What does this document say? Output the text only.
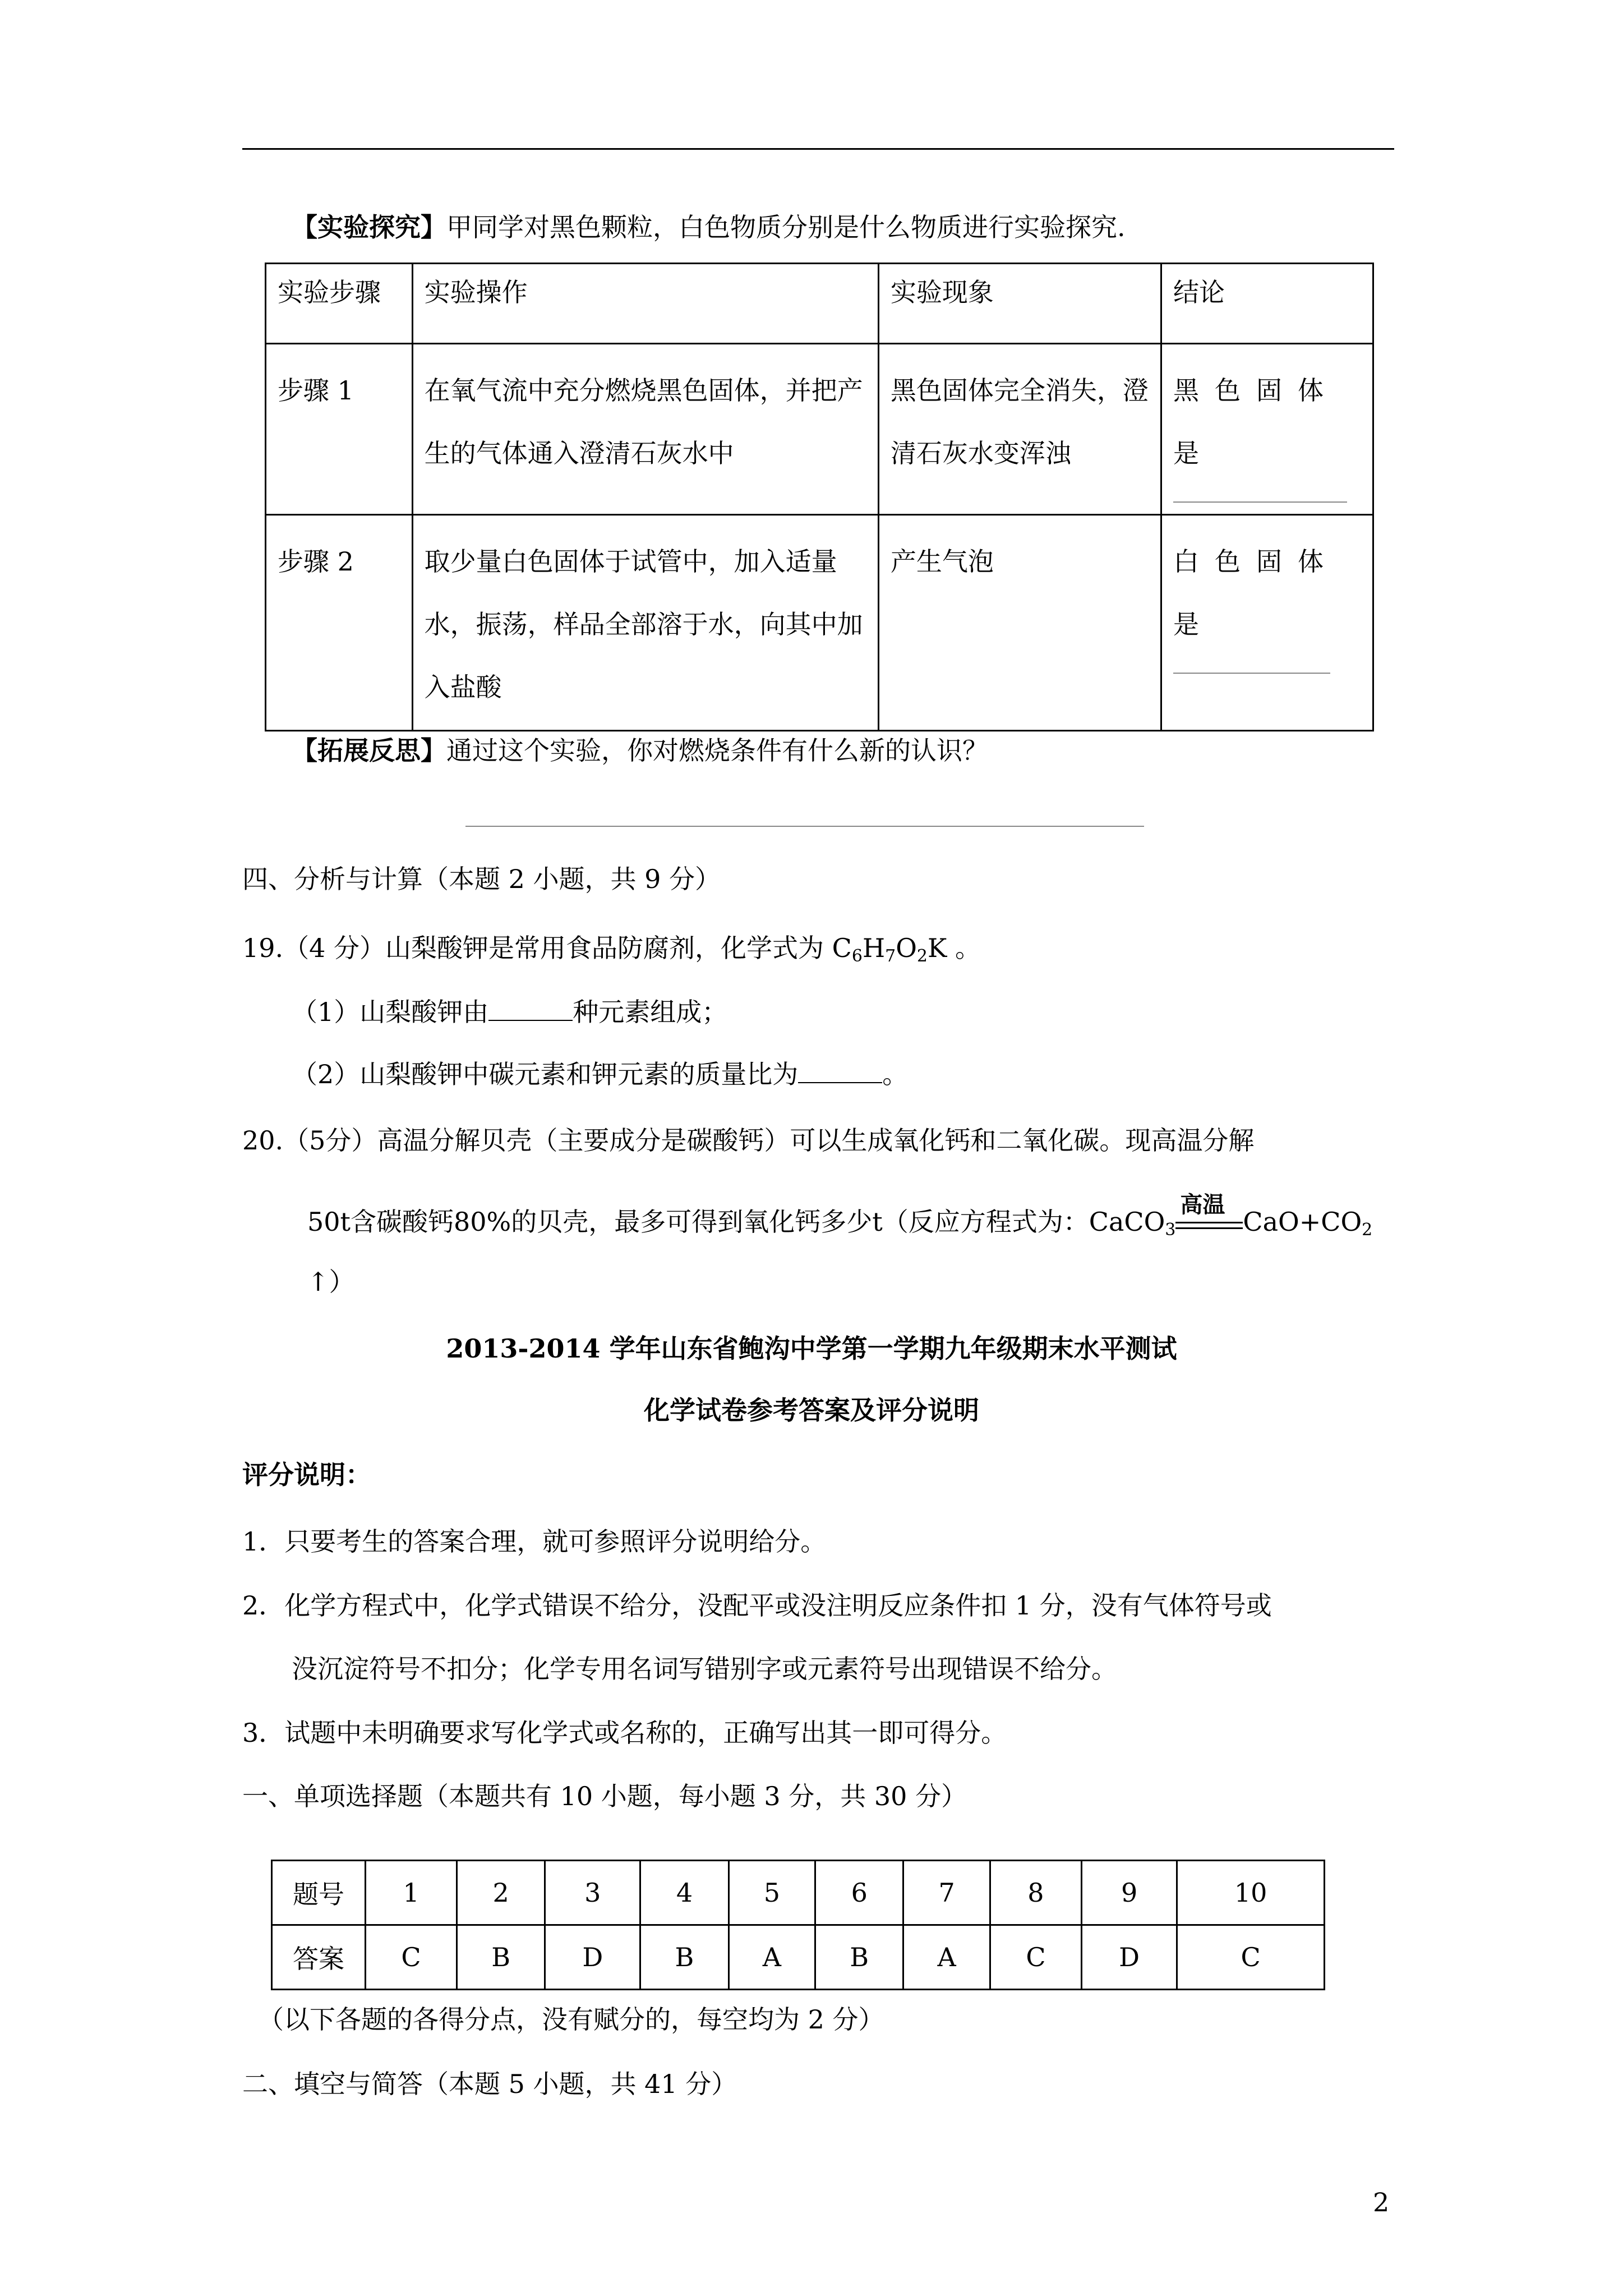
【实验探究】甲同学对黑色颗粒，白色物质分别是什么物质进行实验探究.
实验步骤	实验操作	实验现象	结论
步骤 1	在氧气流中充分燃烧黑色固体，并把产生的气体通入澄清石灰水中	黑色固体完全消失，澄清石灰水变浑浊	黑色固体是

步骤 2	取少量白色固体于试管中，加入适量水，振荡，样品全部溶于水，向其中加入盐酸	产生气泡	白色固体是
【拓展反思】通过这个实验，你对燃烧条件有什么新的认识？
四、分析与计算（本题 2 小题，共 9 分）
19.（4 分）山梨酸钾是常用食品防腐剂，化学式为 $C_6H_7O_2K$ 。
（1）山梨酸钾由	种元素组成；
（2）山梨酸钾中碳元素和钾元素的质量比为	。
20.（5分）高温分解贝壳（主要成分是碳酸钙）可以生成氧化钙和二氧化碳。现高温分解
50t含碳酸钙80%的贝壳，最多可得到氧化钙多少t（反应方程式为：CaCO$_3$
高温
$CaO+CO_2$
↑）
2013-2014 学年山东省鲍沟中学第一学期九年级期末水平测试
化学试卷参考答案及评分说明
评分说明：
1．只要考生的答案合理，就可参照评分说明给分。
2．化学方程式中，化学式错误不给分，没配平或没注明反应条件扣 1 分，没有气体符号或
没沉淀符号不扣分；化学专用名词写错别字或元素符号出现错误不给分。
3．试题中未明确要求写化学式或名称的，正确写出其一即可得分。
一、单项选择题（本题共有 10 小题，每小题 3 分，共 30 分）
题号	1	2	3	4	5	6	7	8	9	10
答案	C	B	D	B	A	B	A	C	D	C
（以下各题的各得分点，没有赋分的，每空均为 2 分）
二、填空与简答（本题 5 小题，共 41 分）
2
